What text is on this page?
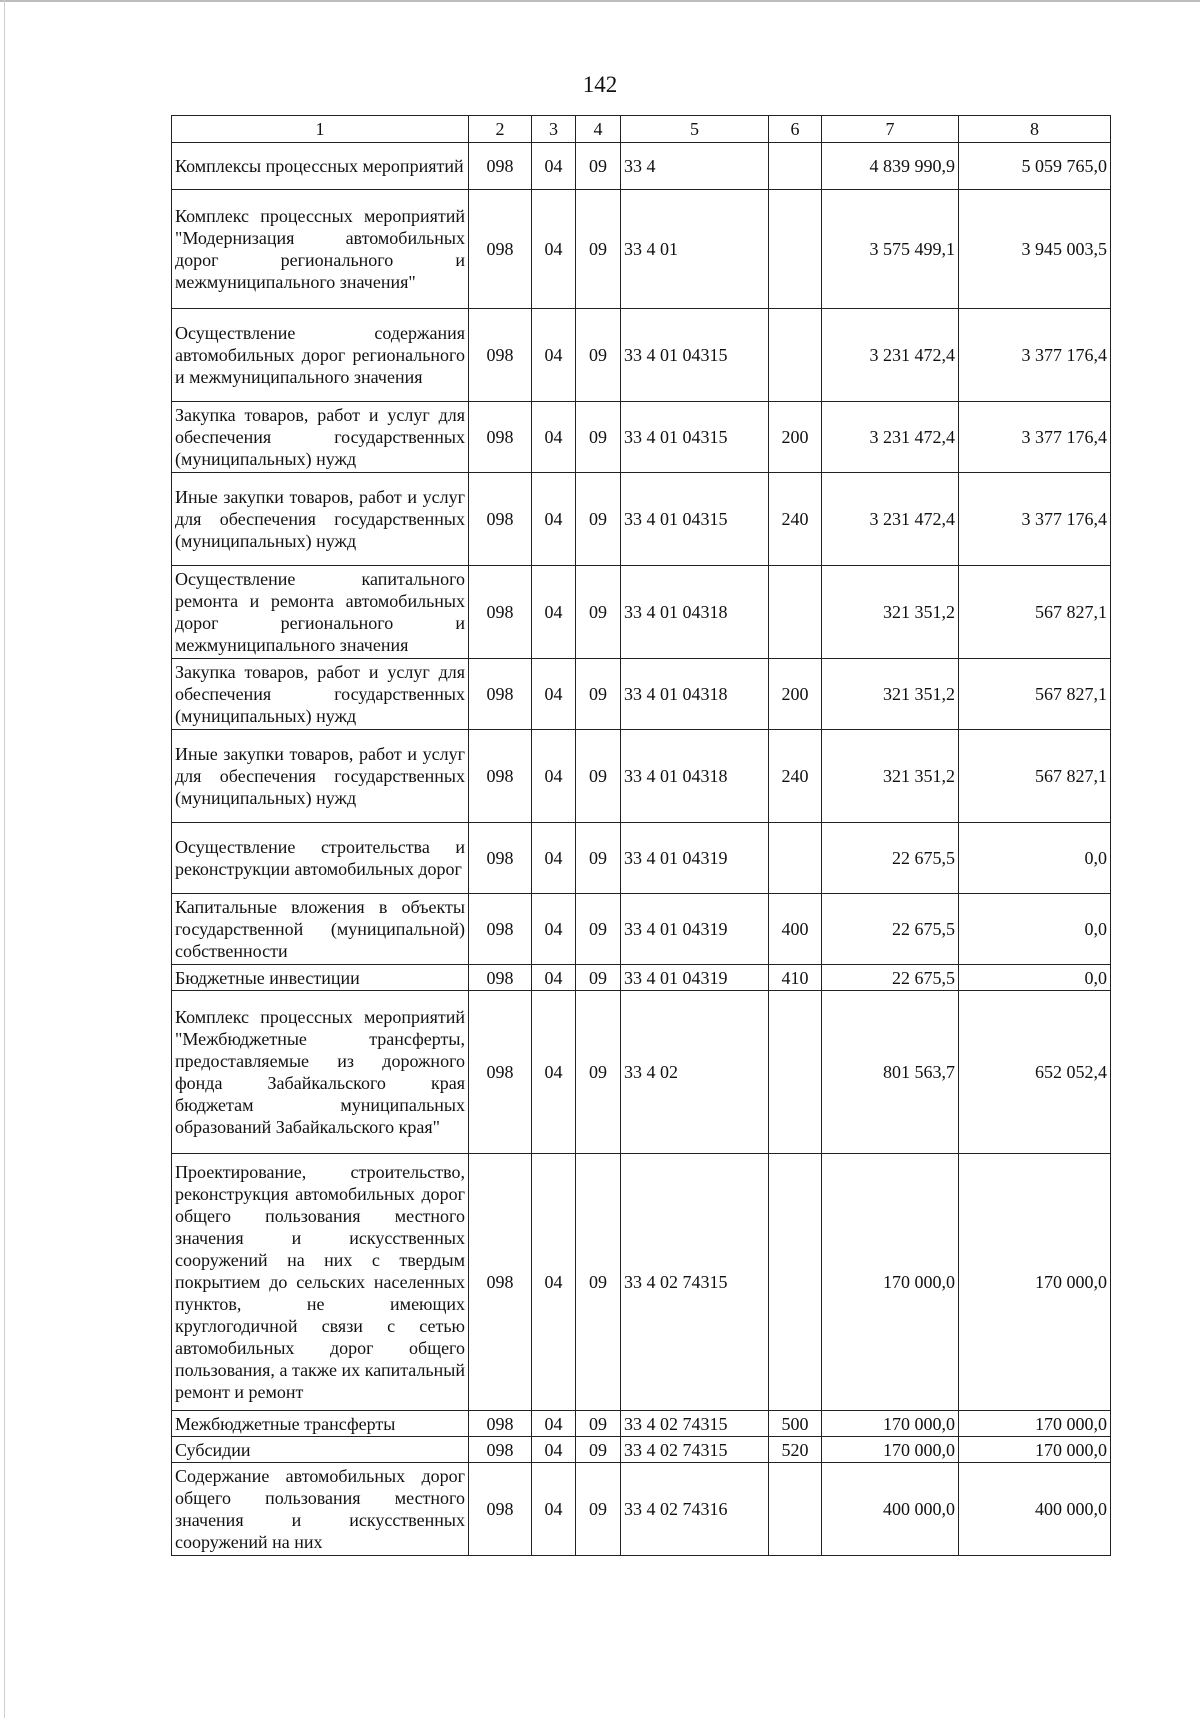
142
1	2	3	4	5	6	7	8
Комплексы процессных мероприятий	098	04	09	33 4		4 839 990,9	5 059 765,0
Комплекс процессных мероприятий "Модернизация автомобильных дорог регионального и межмуниципального значения"	098	04	09	33 4 01		3 575 499,1	3 945 003,5
Осуществление содержания автомобильных дорог регионального и межмуниципального значения	098	04	09	33 4 01 04315		3 231 472,4	3 377 176,4
Закупка товаров, работ и услуг для обеспечения государственных (муниципальных) нужд	098	04	09	33 4 01 04315	200	3 231 472,4	3 377 176,4
Иные закупки товаров, работ и услуг для обеспечения государственных (муниципальных) нужд	098	04	09	33 4 01 04315	240	3 231 472,4	3 377 176,4
Осуществление капитального ремонта и ремонта автомобильных дорог регионального и межмуниципального значения	098	04	09	33 4 01 04318		321 351,2	567 827,1
Закупка товаров, работ и услуг для обеспечения государственных (муниципальных) нужд	098	04	09	33 4 01 04318	200	321 351,2	567 827,1
Иные закупки товаров, работ и услуг для обеспечения государственных (муниципальных) нужд	098	04	09	33 4 01 04318	240	321 351,2	567 827,1
Осуществление строительства и реконструкции автомобильных дорог	098	04	09	33 4 01 04319		22 675,5	0,0
Капитальные вложения в объекты государственной (муниципальной) собственности	098	04	09	33 4 01 04319	400	22 675,5	0,0
Бюджетные инвестиции	098	04	09	33 4 01 04319	410	22 675,5	0,0
Комплекс процессных мероприятий "Межбюджетные трансферты, предоставляемые из дорожного фонда Забайкальского края бюджетам муниципальных образований Забайкальского края"	098	04	09	33 4 02		801 563,7	652 052,4
Проектирование, строительство, реконструкция автомобильных дорог общего пользования местного значения и искусственных сооружений на них с твердым покрытием до сельских населенных пунктов, не имеющих круглогодичной связи с сетью автомобильных дорог общего пользования, а также их капитальный ремонт и ремонт	098	04	09	33 4 02 74315		170 000,0	170 000,0
Межбюджетные трансферты	098	04	09	33 4 02 74315	500	170 000,0	170 000,0
Субсидии	098	04	09	33 4 02 74315	520	170 000,0	170 000,0
Содержание автомобильных дорог общего пользования местного значения и искусственных сооружений на них	098	04	09	33 4 02 74316		400 000,0	400 000,0
